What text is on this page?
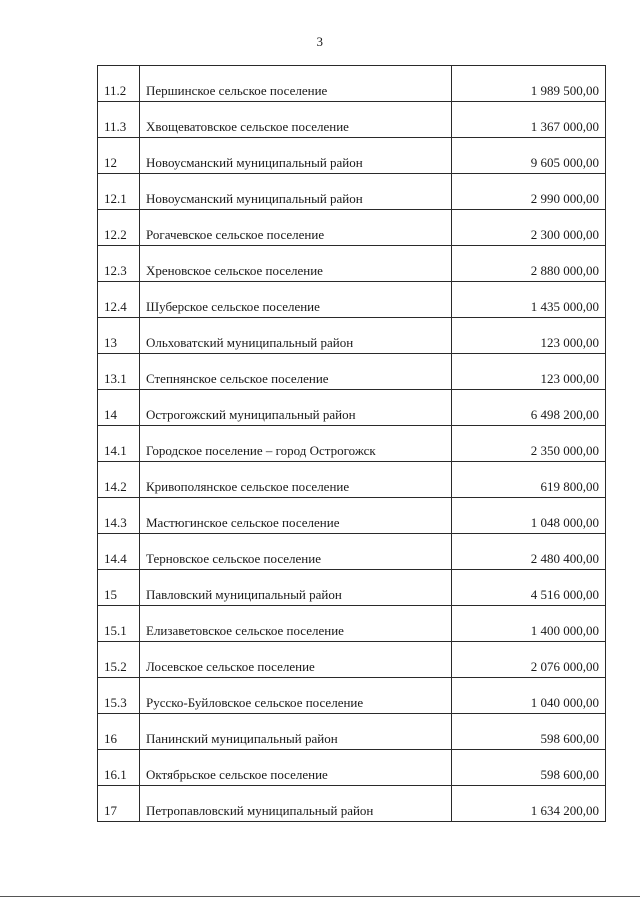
3
11.2	Першинское сельское поселение	1 989 500,00
11.3	Хвощеватовское сельское поселение	1 367 000,00
12	Новоусманский муниципальный район	9 605 000,00
12.1	Новоусманский муниципальный район	2 990 000,00
12.2	Рогачевское сельское поселение	2 300 000,00
12.3	Хреновское сельское поселение	2 880 000,00
12.4	Шуберское сельское поселение	1 435 000,00
13	Ольховатский муниципальный район	123 000,00
13.1	Степнянское сельское поселение	123 000,00
14	Острогожский муниципальный район	6 498 200,00
14.1	Городское поселение – город Острогожск	2 350 000,00
14.2	Кривополянское сельское поселение	619 800,00
14.3	Мастюгинское сельское поселение	1 048 000,00
14.4	Терновское сельское поселение	2 480 400,00
15	Павловский муниципальный район	4 516 000,00
15.1	Елизаветовское сельское поселение	1 400 000,00
15.2	Лосевское сельское поселение	2 076 000,00
15.3	Русско-Буйловское сельское поселение	1 040 000,00
16	Панинский муниципальный район	598 600,00
16.1	Октябрьское сельское поселение	598 600,00
17	Петропавловский муниципальный район	1 634 200,00
